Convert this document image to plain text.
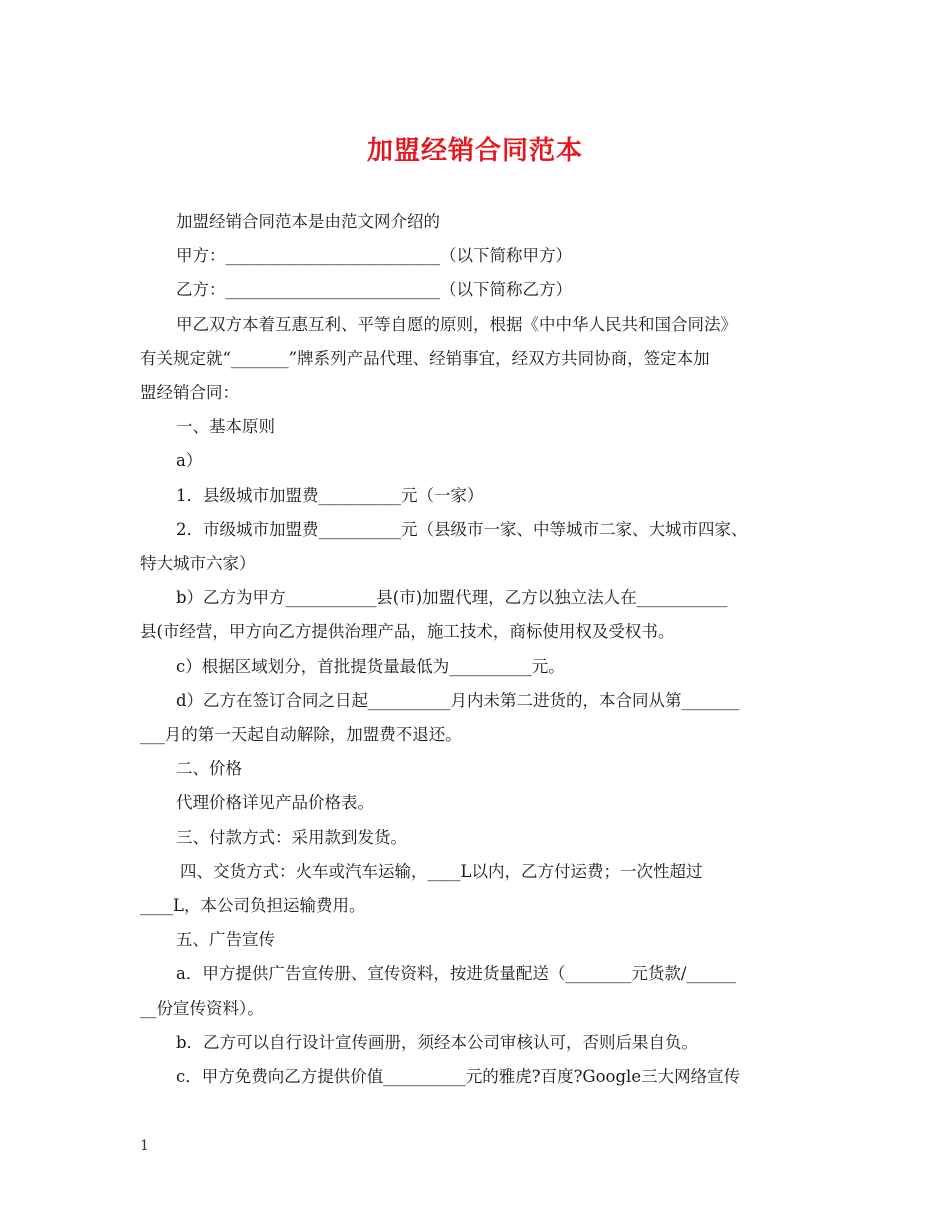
加盟经销合同范本

加盟经销合同范本是由范文网介绍的

甲方：__________________________（以下简称甲方）

乙方：__________________________（以下简称乙方）

甲乙双方本着互惠互利、平等自愿的原则，根据《中中华人民共和国合同法》

有关规定就“_______”牌系列产品代理、经销事宜，经双方共同协商，签定本加

盟经销合同：

一、基本原则

a）

1．县级城市加盟费__________元（一家）

2．市级城市加盟费__________元（县级市一家、中等城市二家、大城市四家、

特大城市六家）

b）乙方为甲方___________县(市)加盟代理，乙方以独立法人在___________

县(市经营，甲方向乙方提供治理产品，施工技术，商标使用权及受权书。

c）根据区域划分，首批提货量最低为__________元。

d）乙方在签订合同之日起__________月内未第二进货的，本合同从第_______

___月的第一天起自动解除，加盟费不退还。

二、价格

代理价格详见产品价格表。

三、付款方式：采用款到发货。

四、交货方式：火车或汽车运输，____L以内，乙方付运费；一次性超过

____L，本公司负担运输费用。

五、广告宣传

a．甲方提供广告宣传册、宣传资料，按进货量配送（________元货款/______

__份宣传资料）。

b．乙方可以自行设计宣传画册，须经本公司审核认可，否则后果自负。

c．甲方免费向乙方提供价值__________元的雅虎?百度?Google三大网络宣传

1
